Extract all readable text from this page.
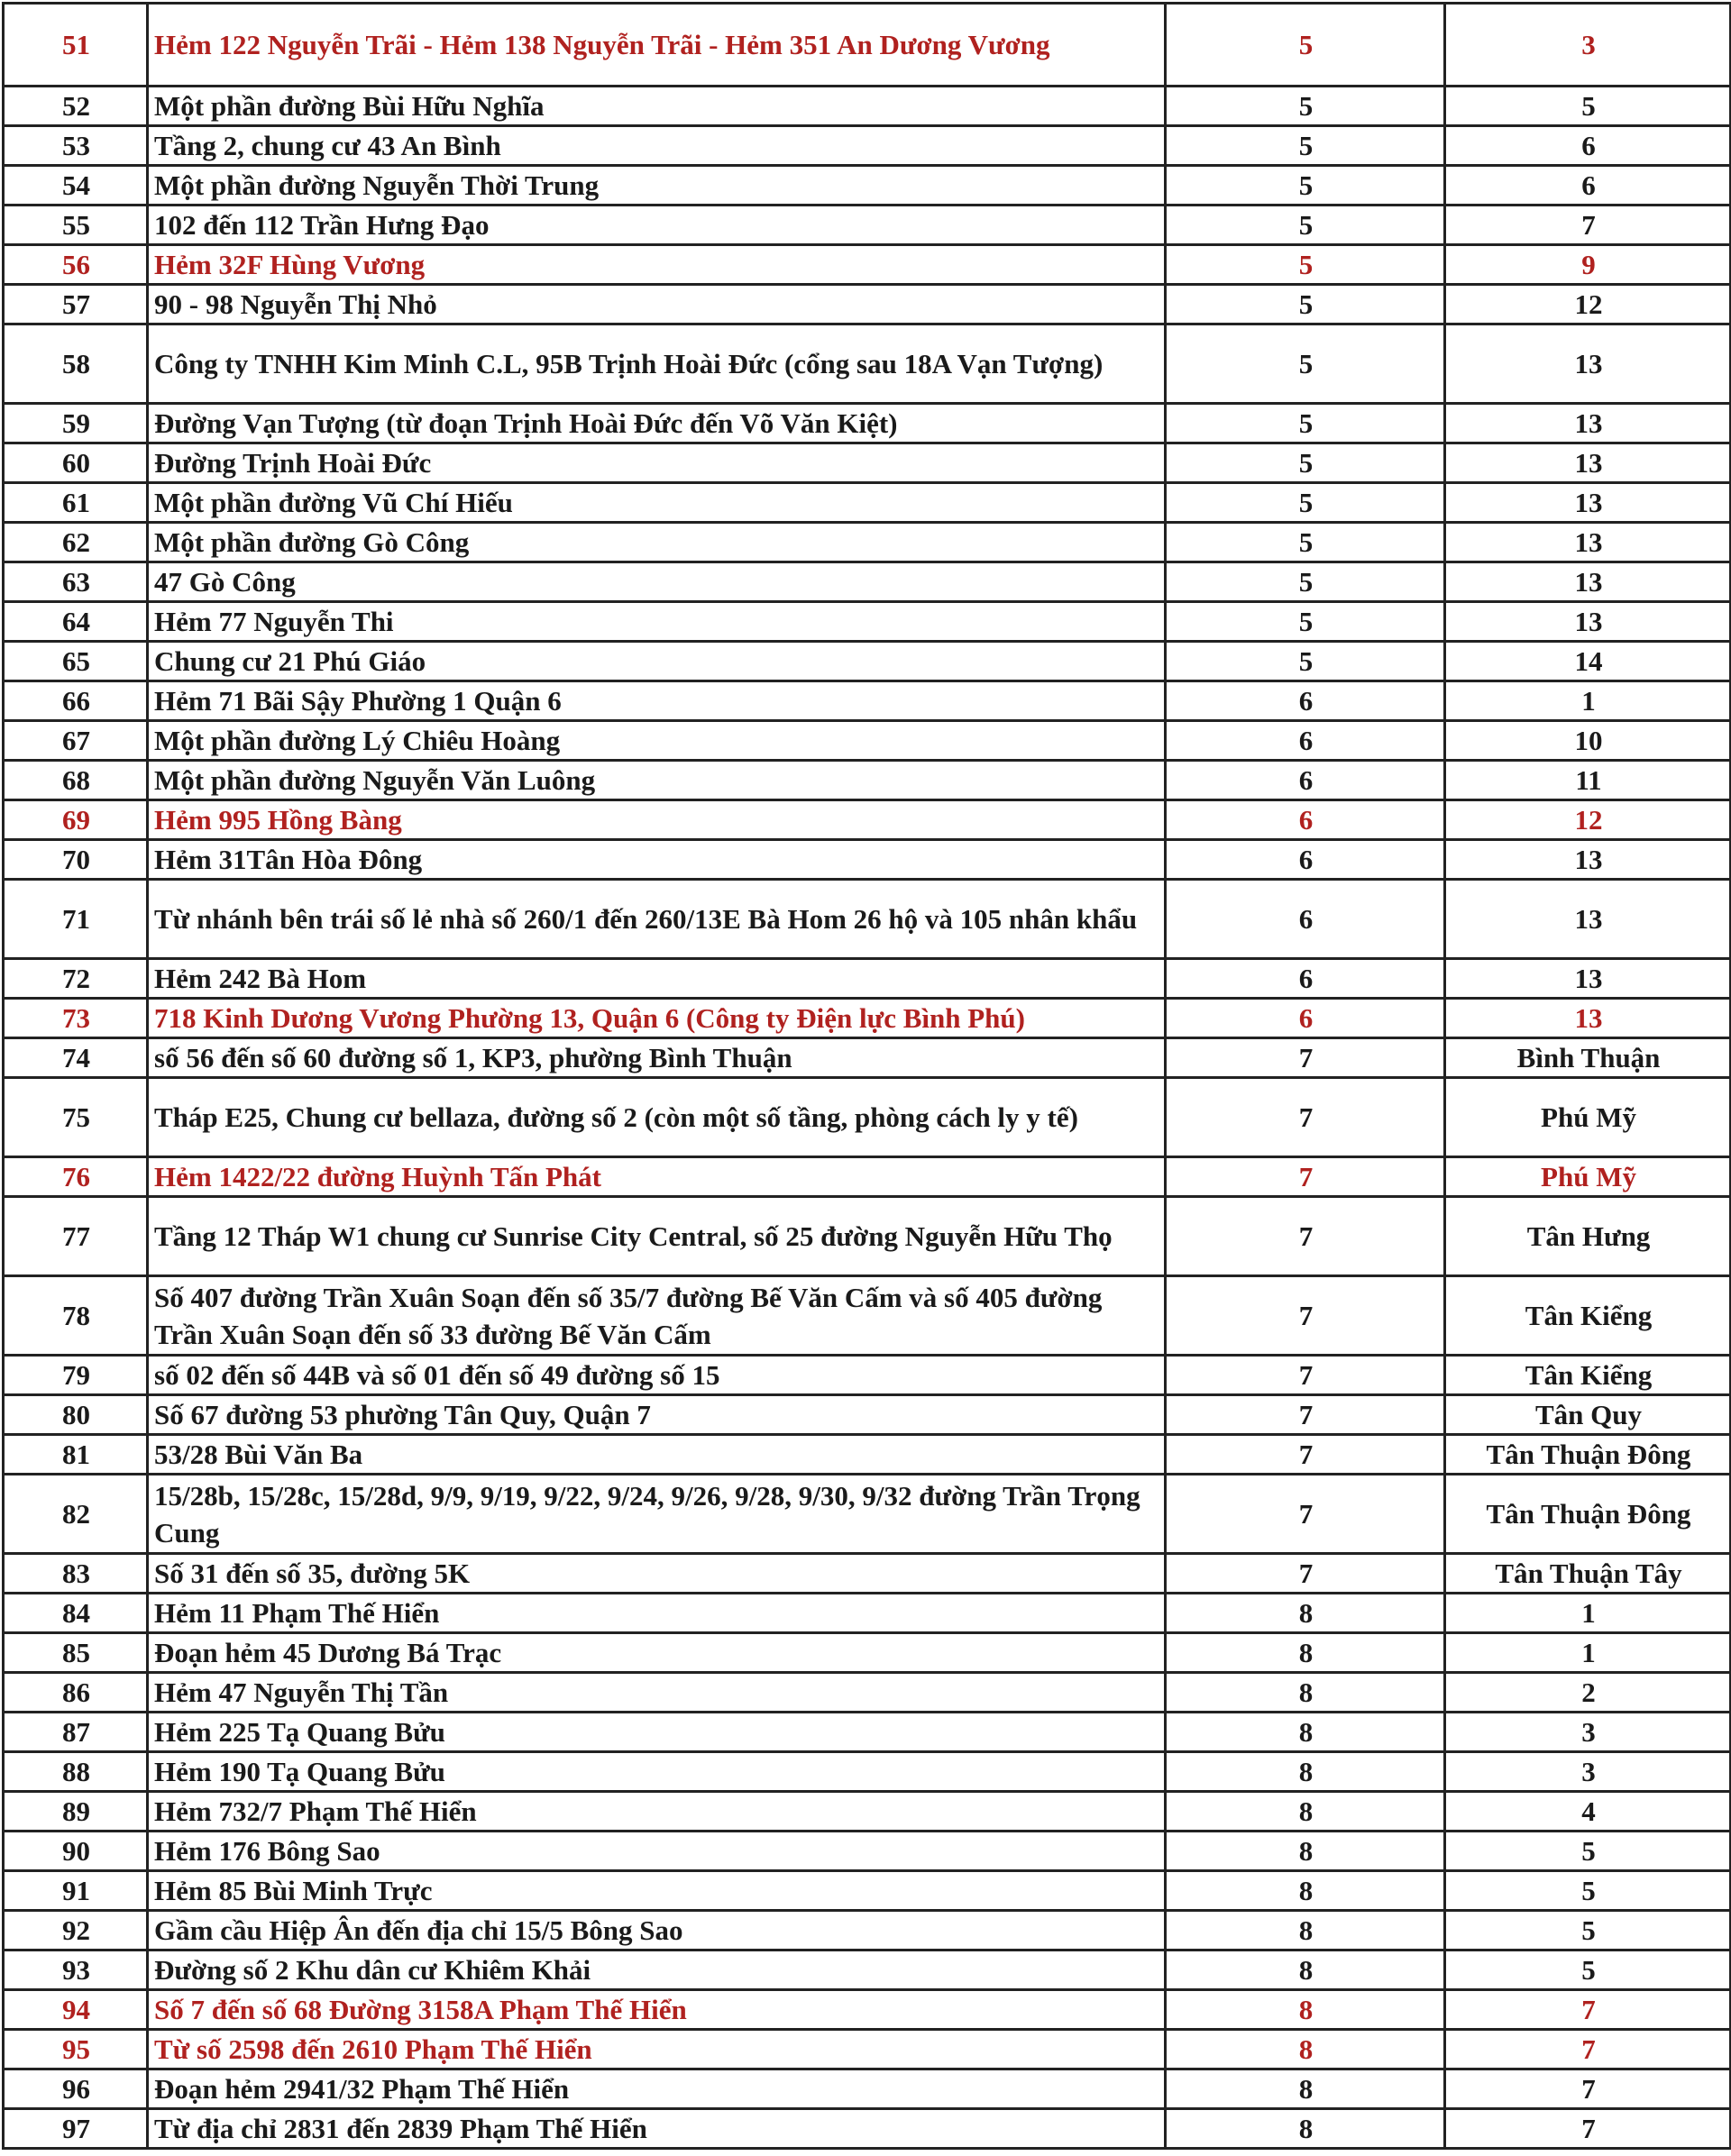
51	Hẻm 122 Nguyễn Trãi - Hẻm 138 Nguyễn Trãi - Hẻm 351 An Dương Vương	5	3
52	Một phần đường Bùi Hữu Nghĩa	5	5
53	Tầng 2, chung cư 43 An Bình	5	6
54	Một phần đường Nguyễn Thời Trung	5	6
55	102 đến 112 Trần Hưng Đạo	5	7
56	Hẻm 32F Hùng Vương	5	9
57	90 - 98 Nguyễn Thị Nhỏ	5	12
58	Công ty TNHH Kim Minh C.L, 95B Trịnh Hoài Đức (cổng sau 18A Vạn Tượng)	5	13
59	Đường Vạn Tượng (từ đoạn Trịnh Hoài Đức đến Võ Văn Kiệt)	5	13
60	Đường Trịnh Hoài Đức	5	13
61	Một phần đường Vũ Chí Hiếu	5	13
62	Một phần đường Gò Công	5	13
63	47 Gò Công	5	13
64	Hẻm 77 Nguyễn Thi	5	13
65	Chung cư 21 Phú Giáo	5	14
66	Hẻm 71 Bãi Sậy Phường 1 Quận 6	6	1
67	Một phần đường Lý Chiêu Hoàng	6	10
68	Một phần đường Nguyễn Văn Luông	6	11
69	Hẻm 995 Hồng Bàng	6	12
70	Hẻm 31Tân Hòa Đông	6	13
71	Từ nhánh bên trái số lẻ nhà số 260/1 đến 260/13E Bà Hom 26 hộ và 105 nhân khẩu	6	13
72	Hẻm 242 Bà Hom	6	13
73	718 Kinh Dương Vương Phường 13, Quận 6 (Công ty Điện lực Bình Phú)	6	13
74	số 56 đến số 60 đường số 1, KP3, phường Bình Thuận	7	Bình Thuận
75	Tháp E25, Chung cư bellaza, đường số 2 (còn một số tầng, phòng cách ly y tế)	7	Phú Mỹ
76	Hẻm 1422/22 đường Huỳnh Tấn Phát	7	Phú Mỹ
77	Tầng 12 Tháp W1 chung cư Sunrise City Central, số 25 đường Nguyễn Hữu Thọ	7	Tân Hưng
78	Số 407 đường Trần Xuân Soạn đến số 35/7 đường Bế Văn Cấm và số 405 đường Trần Xuân Soạn đến số 33 đường Bế Văn Cấm	7	Tân Kiểng
79	số 02 đến số 44B và số 01 đến số 49 đường số 15	7	Tân Kiểng
80	Số 67 đường 53 phường Tân Quy, Quận 7	7	Tân Quy
81	53/28 Bùi Văn Ba	7	Tân Thuận Đông
82	15/28b, 15/28c, 15/28d, 9/9, 9/19, 9/22, 9/24, 9/26, 9/28, 9/30, 9/32 đường Trần Trọng Cung	7	Tân Thuận Đông
83	Số 31 đến số 35, đường 5K	7	Tân Thuận Tây
84	Hẻm 11 Phạm Thế Hiển	8	1
85	Đoạn hẻm 45 Dương Bá Trạc	8	1
86	Hẻm 47 Nguyễn Thị Tần	8	2
87	Hẻm 225 Tạ Quang Bửu	8	3
88	Hẻm 190 Tạ Quang Bửu	8	3
89	Hẻm 732/7 Phạm Thế Hiển	8	4
90	Hẻm 176 Bông Sao	8	5
91	Hẻm 85 Bùi Minh Trực	8	5
92	Gầm cầu Hiệp Ân đến địa chỉ 15/5 Bông Sao	8	5
93	Đường số 2 Khu dân cư Khiêm Khải	8	5
94	Số 7 đến số 68 Đường 3158A Phạm Thế Hiển	8	7
95	Từ số 2598 đến 2610 Phạm Thế Hiển	8	7
96	Đoạn hẻm 2941/32 Phạm Thế Hiển	8	7
97	Từ địa chỉ 2831 đến 2839 Phạm Thế Hiển	8	7
